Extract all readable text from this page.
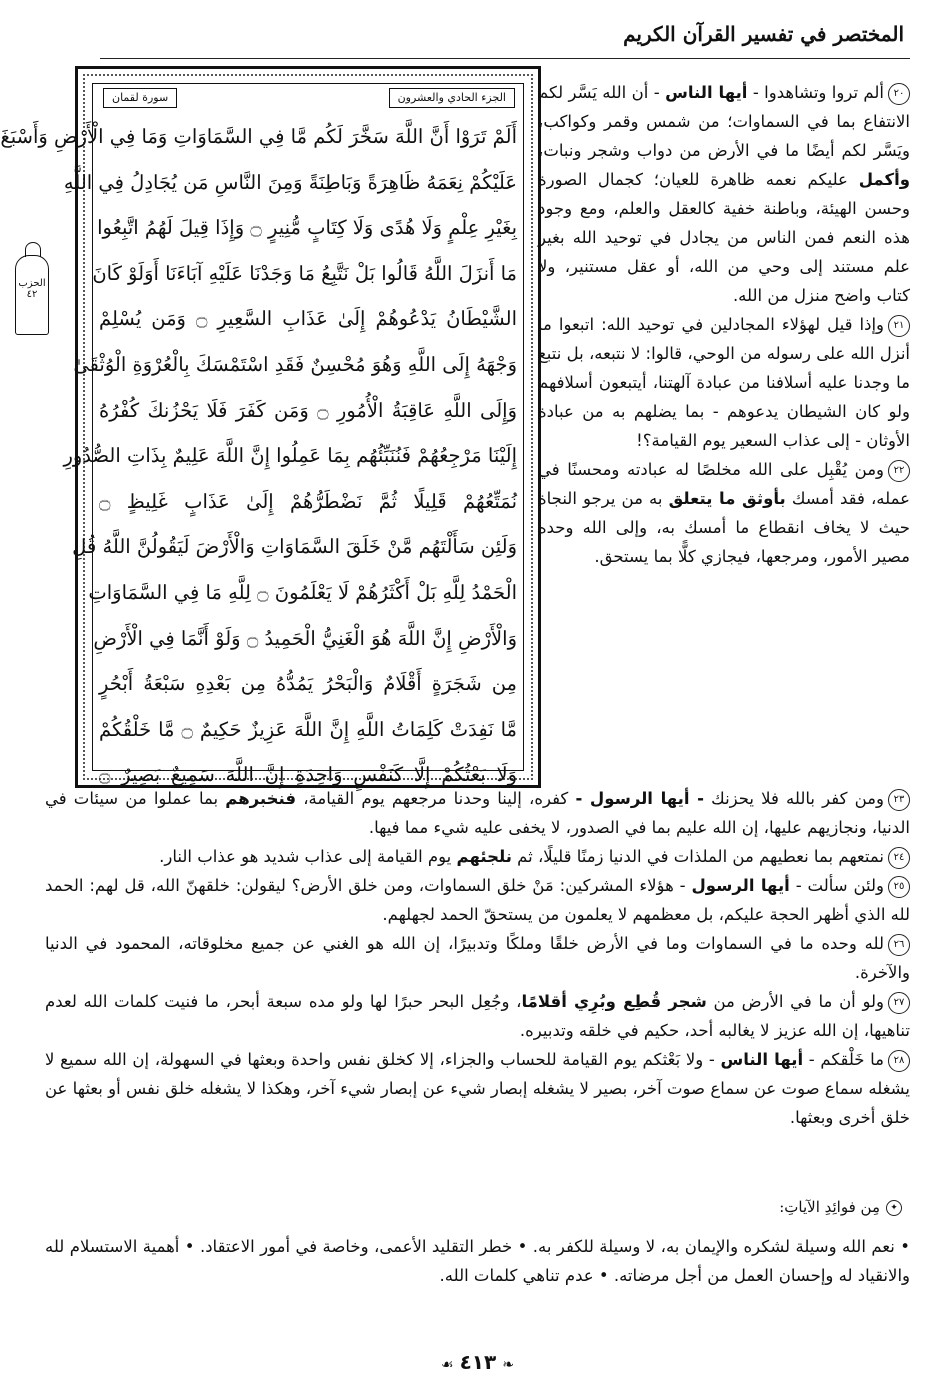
المختصر في تفسير القرآن الكريم
الجزء الحادي والعشرون
سورة لقمان
أَلَمْ تَرَوْا أَنَّ اللَّهَ سَخَّرَ لَكُم مَّا فِي السَّمَاوَاتِ وَمَا فِي الْأَرْضِ وَأَسْبَغَ
عَلَيْكُمْ نِعَمَهُ ظَاهِرَةً وَبَاطِنَةً وَمِنَ النَّاسِ مَن يُجَادِلُ فِي اللَّهِ
بِغَيْرِ عِلْمٍ وَلَا هُدًى وَلَا كِتَابٍ مُّنِيرٍ ۝ وَإِذَا قِيلَ لَهُمُ اتَّبِعُوا
مَا أَنزَلَ اللَّهُ قَالُوا بَلْ نَتَّبِعُ مَا وَجَدْنَا عَلَيْهِ آبَاءَنَا أَوَلَوْ كَانَ
الشَّيْطَانُ يَدْعُوهُمْ إِلَىٰ عَذَابِ السَّعِيرِ ۝ وَمَن يُسْلِمْ
وَجْهَهُ إِلَى اللَّهِ وَهُوَ مُحْسِنٌ فَقَدِ اسْتَمْسَكَ بِالْعُرْوَةِ الْوُثْقَىٰ
وَإِلَى اللَّهِ عَاقِبَةُ الْأُمُورِ ۝ وَمَن كَفَرَ فَلَا يَحْزُنكَ كُفْرُهُ
إِلَيْنَا مَرْجِعُهُمْ فَنُنَبِّئُهُم بِمَا عَمِلُوا إِنَّ اللَّهَ عَلِيمٌ بِذَاتِ الصُّدُورِ
نُمَتِّعُهُمْ قَلِيلًا ثُمَّ نَضْطَرُّهُمْ إِلَىٰ عَذَابٍ غَلِيظٍ ۝
وَلَئِن سَأَلْتَهُم مَّنْ خَلَقَ السَّمَاوَاتِ وَالْأَرْضَ لَيَقُولُنَّ اللَّهُ قُلِ
الْحَمْدُ لِلَّهِ بَلْ أَكْثَرُهُمْ لَا يَعْلَمُونَ ۝ لِلَّهِ مَا فِي السَّمَاوَاتِ
وَالْأَرْضِ إِنَّ اللَّهَ هُوَ الْغَنِيُّ الْحَمِيدُ ۝ وَلَوْ أَنَّمَا فِي الْأَرْضِ
مِن شَجَرَةٍ أَقْلَامٌ وَالْبَحْرُ يَمُدُّهُ مِن بَعْدِهِ سَبْعَةُ أَبْحُرٍ
مَّا نَفِدَتْ كَلِمَاتُ اللَّهِ إِنَّ اللَّهَ عَزِيزٌ حَكِيمٌ ۝ مَّا خَلْقُكُمْ
وَلَا بَعْثُكُمْ إِلَّا كَنَفْسٍ وَاحِدَةٍ إِنَّ اللَّهَ سَمِيعٌ بَصِيرٌ ۝
الحزب
٤٢

٢٠ألم تروا وتشاهدوا - أيها الناس - أن الله يَسَّر لكم الانتفاع بما في السماوات؛ من شمس وقمر وكواكب، ويَسَّر لكم أيضًا ما في الأرض من دواب وشجر ونبات، وأكمل عليكم نعمه ظاهرة للعيان؛ كجمال الصورة وحسن الهيئة، وباطنة خفية كالعقل والعلم، ومع وجود هذه النعم فمن الناس من يجادل في توحيد الله بغير علم مستند إلى وحي من الله، أو عقل مستنير، ولا كتاب واضح منزل من الله.

٢١وإذا قيل لهؤلاء المجادلين في توحيد الله: اتبعوا ما أنزل الله على رسوله من الوحي، قالوا: لا نتبعه، بل نتبع ما وجدنا عليه أسلافنا من عبادة آلهتنا، أيتبعون أسلافهم ولو كان الشيطان يدعوهم - بما يضلهم به من عبادة الأوثان - إلى عذاب السعير يوم القيامة؟!

٢٢ومن يُقْبِل على الله مخلصًا له عبادته ومحسنًا في عمله، فقد أمسك بأوثق ما يتعلق به من يرجو النجاة حيث لا يخاف انقطاع ما أمسك به، وإلى الله وحده مصير الأمور، ومرجعها، فيجازي كلًّا بما يستحق.

٢٣ومن كفر بالله فلا يحزنك - أيها الرسول - كفره، إلينا وحدنا مرجعهم يوم القيامة، فنخبرهم بما عملوا من سيئات في الدنيا، ونجازيهم عليها، إن الله عليم بما في الصدور، لا يخفى عليه شيء مما فيها.

٢٤نمتعهم بما نعطيهم من الملذات في الدنيا زمنًا قليلًا، ثم نلجئهم يوم القيامة إلى عذاب شديد هو عذاب النار.

٢٥ولئن سألت - أيها الرسول - هؤلاء المشركين: مَنْ خلق السماوات، ومن خلق الأرض؟ ليقولن: خلقهنّ الله، قل لهم: الحمد لله الذي أظهر الحجة عليكم، بل معظمهم لا يعلمون من يستحقّ الحمد لجهلهم.

٢٦لله وحده ما في السماوات وما في الأرض خلقًا وملكًا وتدبيرًا، إن الله هو الغني عن جميع مخلوقاته، المحمود في الدنيا والآخرة.

٢٧ولو أن ما في الأرض من شجر قُطِع وبُرِي أقلامًا، وجُعِل البحر حبرًا لها ولو مده سبعة أبحر، ما فنيت كلمات الله لعدم تناهيها، إن الله عزيز لا يغالبه أحد، حكيم في خلقه وتدبيره.

٢٨ما خَلْقكم - أيها الناس - ولا بَعْثكم يوم القيامة للحساب والجزاء، إلا كخلق نفس واحدة وبعثها في السهولة، إن الله سميع لا يشغله سماع صوت عن سماع صوت آخر، بصير لا يشغله إبصار شيء عن إبصار شيء آخر، وهكذا لا يشغله خلق نفس أو بعثها عن خلق أخرى وبعثها.

✦مِن فوائِدِ الآياتِ:
• نعم الله وسيلة لشكره والإيمان به، لا وسيلة للكفر به. • خطر التقليد الأعمى، وخاصة في أمور الاعتقاد. • أهمية الاستسلام لله والانقياد له وإحسان العمل من أجل مرضاته. • عدم تناهي كلمات الله.
❧٤١٣☙
